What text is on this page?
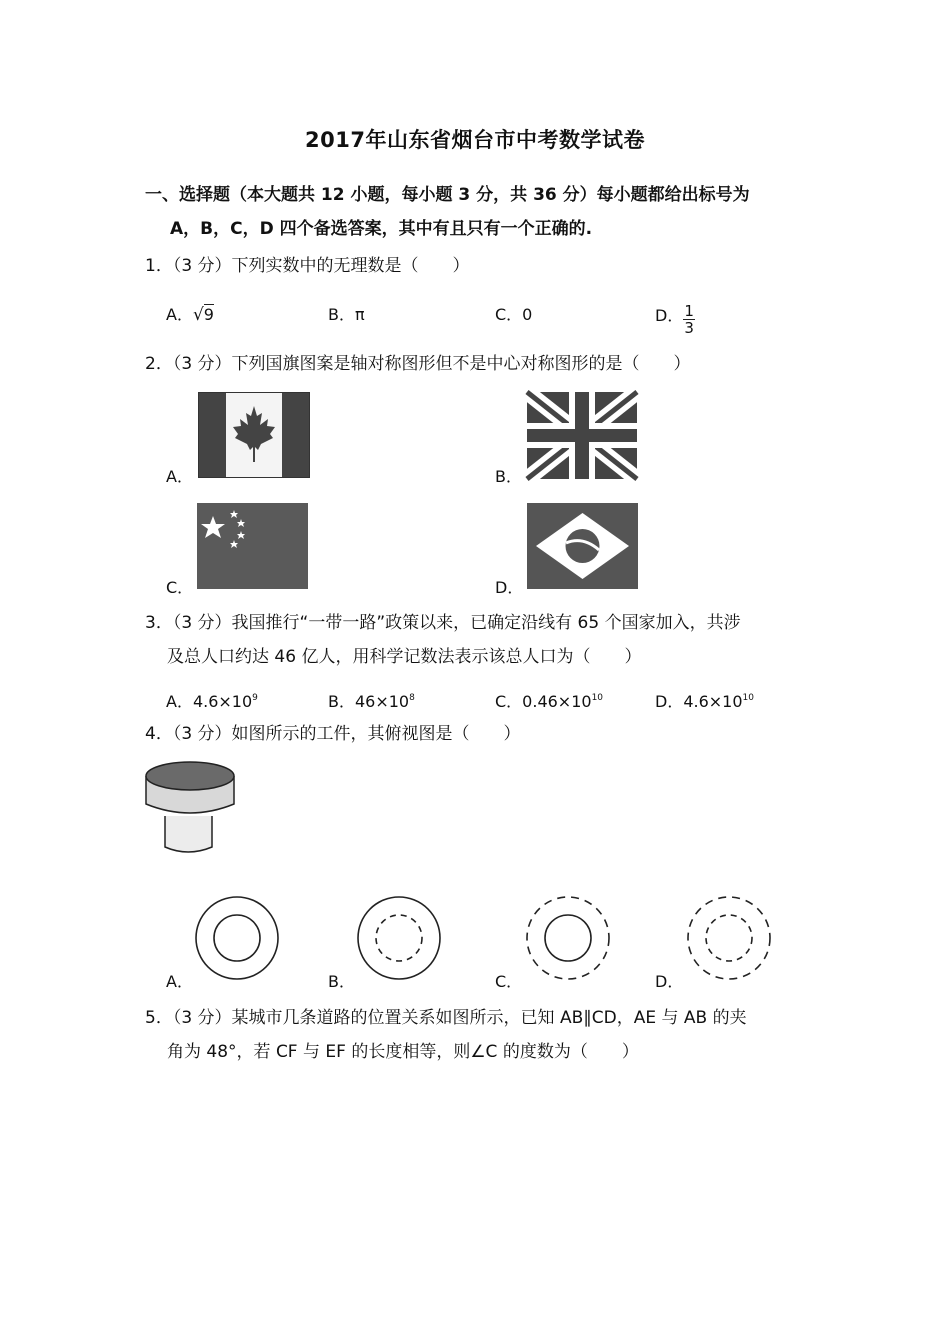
2017年山东省烟台市中考数学试卷
一、选择题（本大题共 12 小题，每小题 3 分，共 36 分）每小题都给出标号为
A，B，C，D 四个备选答案，其中有且只有一个正确的.
1．（3 分）下列实数中的无理数是（　　）
A．√9	B．π	C．0	D． $\frac{1}{3}$
2．（3 分）下列国旗图案是轴对称图形但不是中心对称图形的是（　　）
A．	B．
C．	D．
3．（3 分）我国推行“一带一路”政策以来，已确定沿线有 65 个国家加入，共涉
及总人口约达 46 亿人，用科学记数法表示该总人口为（　　）
A．$4.6\times 10^9$	B．$46\times 10^8$	C．$0.46\times 10^{10}$	D．$4.6\times 10^{10}$
4．（3 分）如图所示的工件，其俯视图是（　　）
A．	B．	C．	D．
5．（3 分）某城市几条道路的位置关系如图所示，已知 AB∥CD，AE 与 AB 的夹
角为 48°，若 CF 与 EF 的长度相等，则∠C 的度数为（　　）
